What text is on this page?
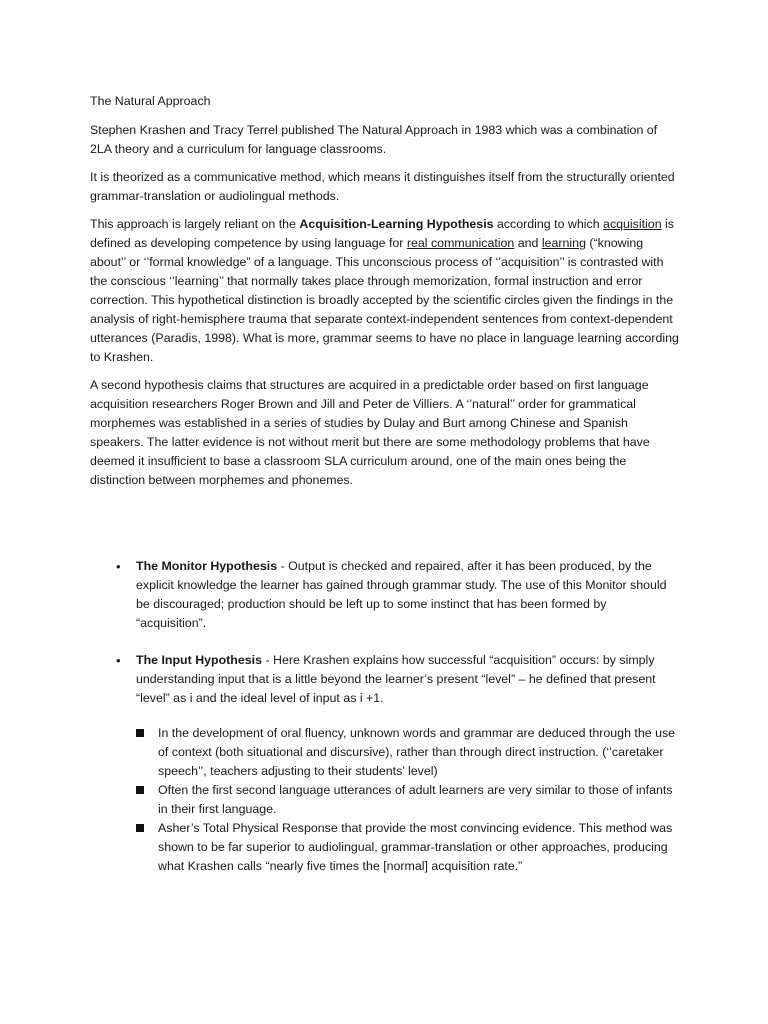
The Natural Approach

Stephen Krashen and Tracy Terrel published The Natural Approach in 1983 which was a combination of 2LA theory and a curriculum for language classrooms.

It is theorized as a communicative method, which means it distinguishes itself from the structurally oriented grammar-translation or audiolingual methods.

This approach is largely reliant on the Acquisition-Learning Hypothesis according to which acquisition is defined as developing competence by using language for real communication and learning (“knowing about’’ or ‘’formal knowledge” of a language. This unconscious process of ‘’acquisition’’ is contrasted with the conscious ‘’learning’’ that normally takes place through memorization, formal instruction and error correction. This hypothetical distinction is broadly accepted by the scientific circles given the findings in the analysis of right-hemisphere trauma that separate context-independent sentences from context-dependent utterances (Paradis, 1998). What is more, grammar seems to have no place in language learning according to Krashen.

A second hypothesis claims that structures are acquired in a predictable order based on first language acquisition researchers Roger Brown and Jill and Peter de Villiers. A ‘’natural’’ order for grammatical morphemes was established in a series of studies by Dulay and Burt among Chinese and Spanish speakers. The latter evidence is not without merit but there are some methodology problems that have deemed it insufficient to base a classroom SLA curriculum around, one of the main ones being the distinction between morphemes and phonemes.

• The Monitor Hypothesis - Output is checked and repaired, after it has been produced, by the explicit knowledge the learner has gained through grammar study. The use of this Monitor should be discouraged; production should be left up to some instinct that has been formed by “acquisition”.
• The Input Hypothesis - Here Krashen explains how successful “acquisition” occurs: by simply understanding input that is a little beyond the learner’s present “level” – he defined that present “level” as i and the ideal level of input as i +1.
In the development of oral fluency, unknown words and grammar are deduced through the use of context (both situational and discursive), rather than through direct instruction. (‘’caretaker speech’’, teachers adjusting to their students’ level)
Often the first second language utterances of adult learners are very similar to those of infants in their first language.
Asher’s Total Physical Response that provide the most convincing evidence. This method was shown to be far superior to audiolingual, grammar-translation or other approaches, producing what Krashen calls “nearly five times the [normal] acquisition rate.”
